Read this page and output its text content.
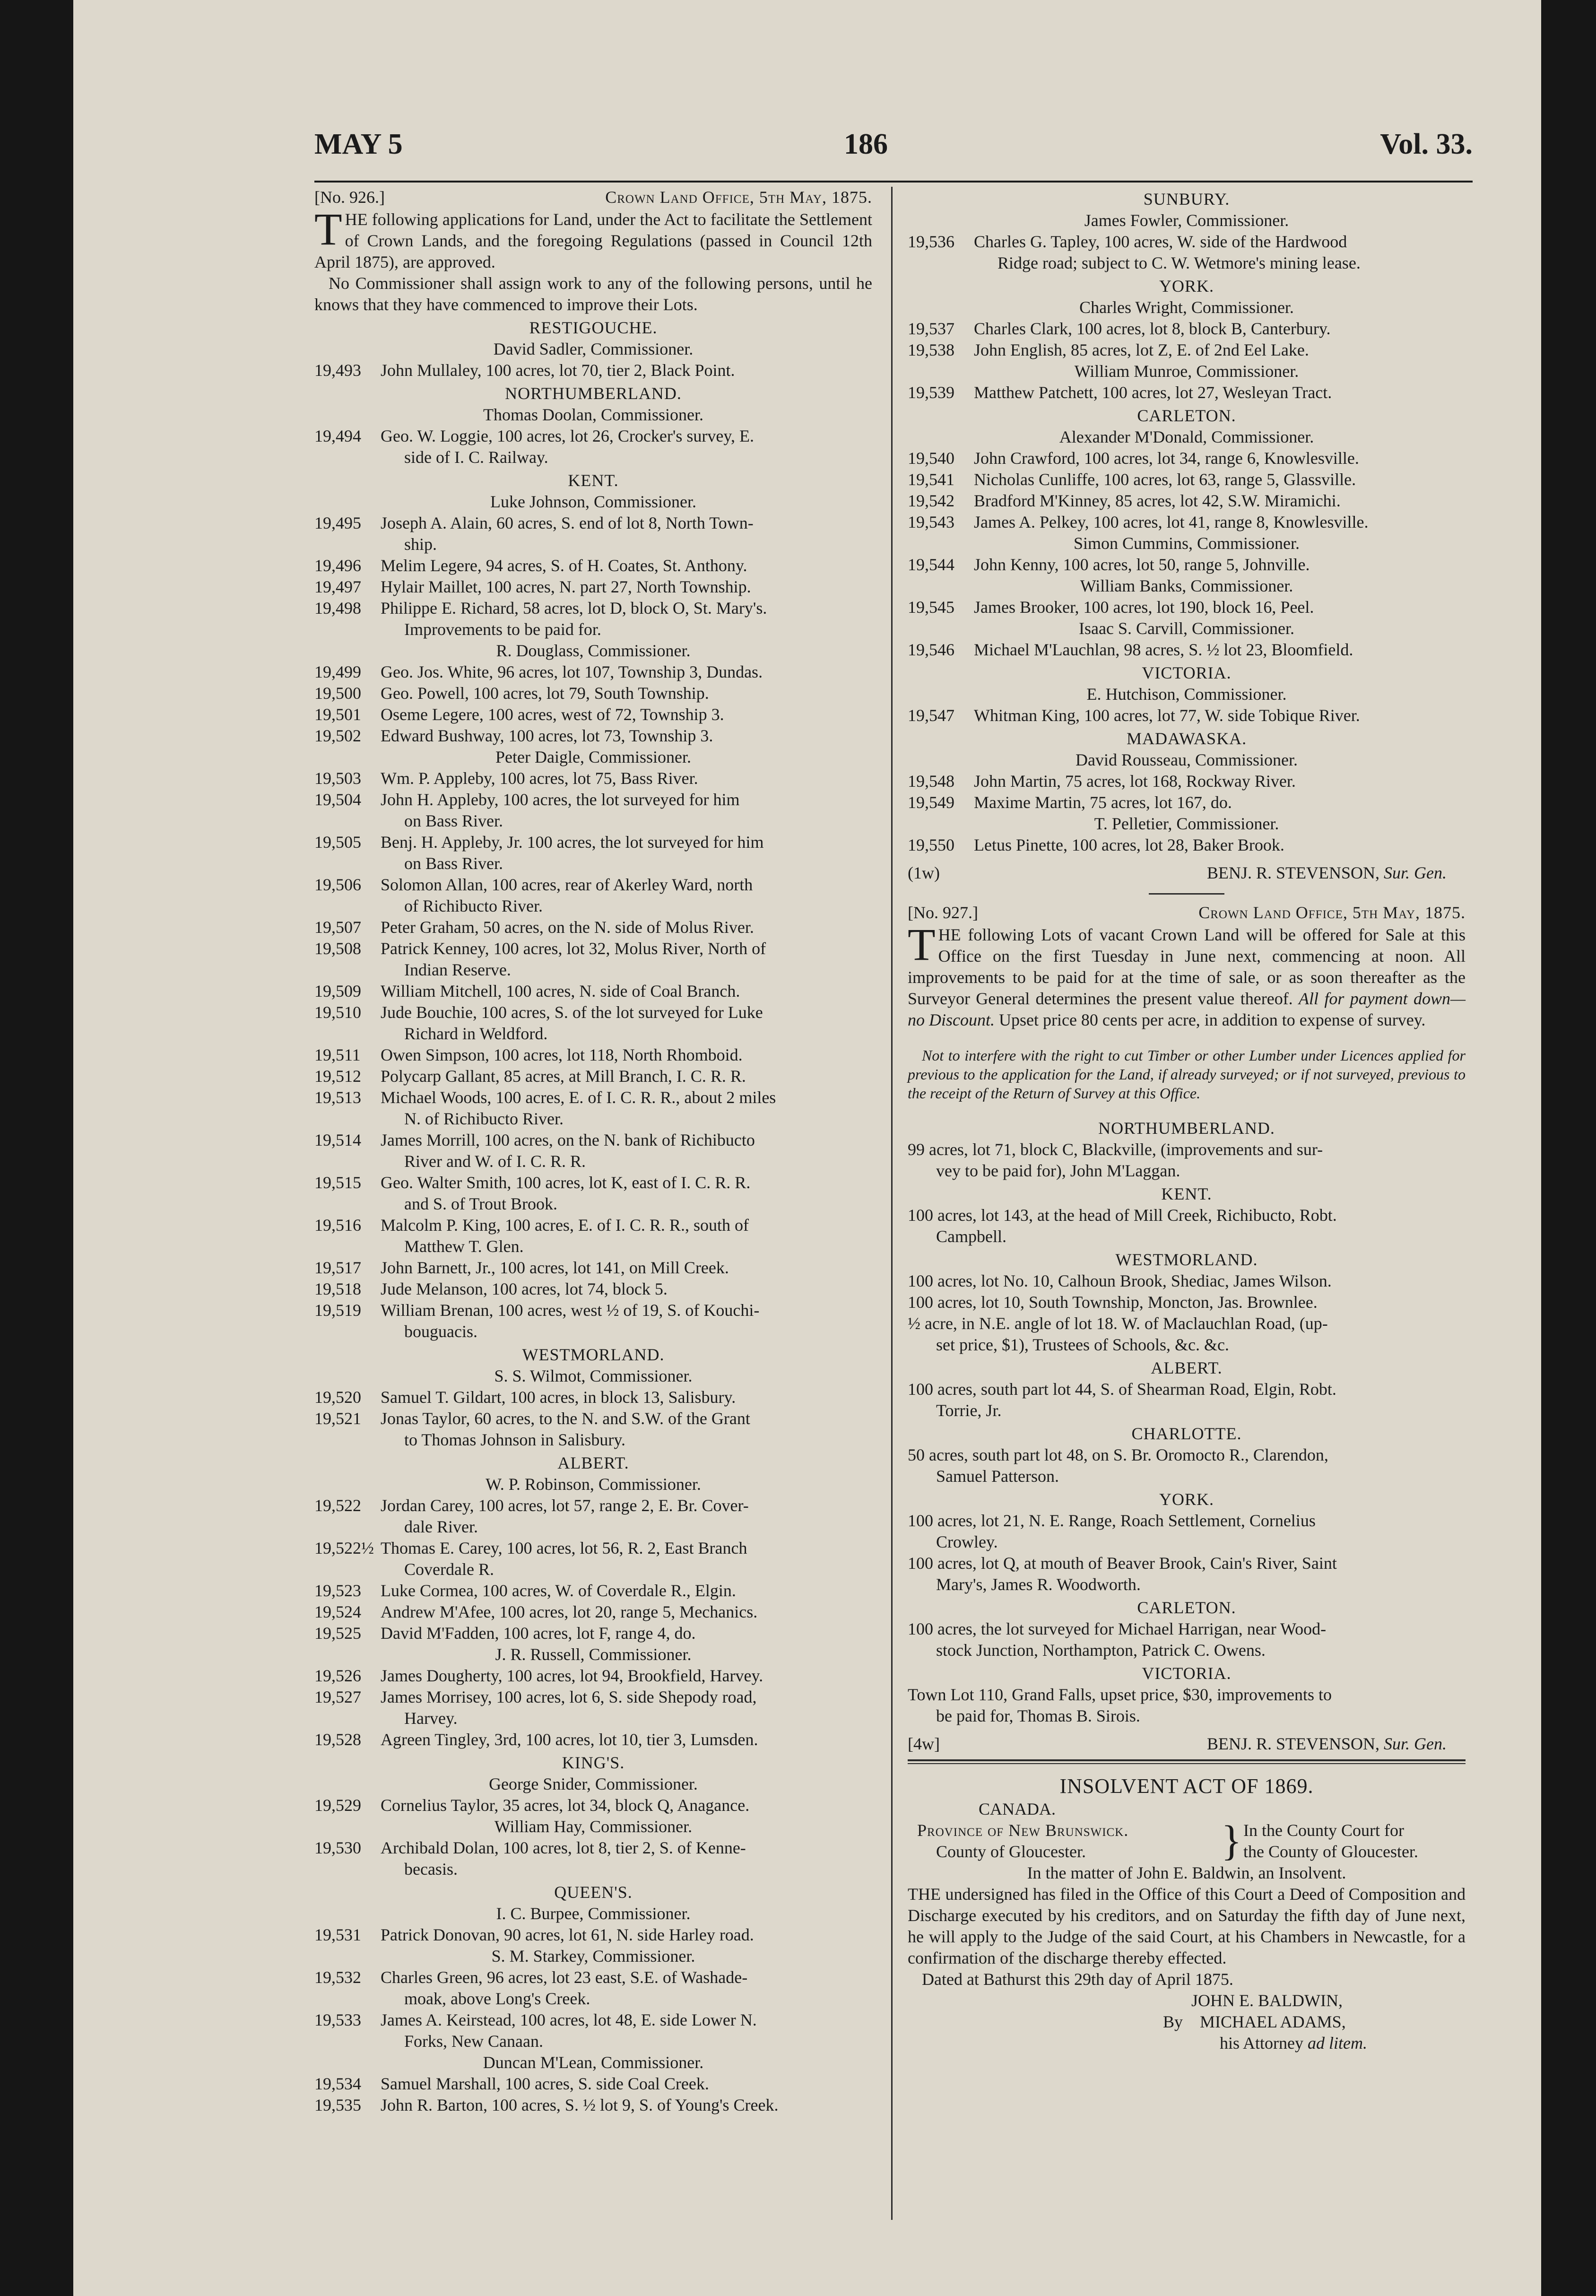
MAY 5	186	Vol. 33.
[No. 926.]	Crown Land Office, 5th May, 1875.

THE following applications for Land, under the Act to facilitate the Settlement of Crown Lands, and the foregoing Regulations (passed in Council 12th April 1875), are approved.

No Commissioner shall assign work to any of the following persons, until he knows that they have commenced to improve their Lots.

RESTIGOUCHE.
David Sadler, Commissioner.
19,493	John Mullaley, 100 acres, lot 70, tier 2, Black Point.
NORTHUMBERLAND.
Thomas Doolan, Commissioner.
19,494	Geo. W. Loggie, 100 acres, lot 26, Crocker's survey, E.
side of I. C. Railway.
KENT.
Luke Johnson, Commissioner.
19,495	Joseph A. Alain, 60 acres, S. end of lot 8, North Town-
ship.
19,496	Melim Legere, 94 acres, S. of H. Coates, St. Anthony.
19,497	Hylair Maillet, 100 acres, N. part 27, North Township.
19,498	Philippe E. Richard, 58 acres, lot D, block O, St. Mary's.
Improvements to be paid for.
R. Douglass, Commissioner.
19,499	Geo. Jos. White, 96 acres, lot 107, Township 3, Dundas.
19,500	Geo. Powell, 100 acres, lot 79, South Township.
19,501	Oseme Legere, 100 acres, west of 72, Township 3.
19,502	Edward Bushway, 100 acres, lot 73, Township 3.
Peter Daigle, Commissioner.
19,503	Wm. P. Appleby, 100 acres, lot 75, Bass River.
19,504	John H. Appleby, 100 acres, the lot surveyed for him
on Bass River.
19,505	Benj. H. Appleby, Jr. 100 acres, the lot surveyed for him
on Bass River.
19,506	Solomon Allan, 100 acres, rear of Akerley Ward, north
of Richibucto River.
19,507	Peter Graham, 50 acres, on the N. side of Molus River.
19,508	Patrick Kenney, 100 acres, lot 32, Molus River, North of
Indian Reserve.
19,509	William Mitchell, 100 acres, N. side of Coal Branch.
19,510	Jude Bouchie, 100 acres, S. of the lot surveyed for Luke
Richard in Weldford.
19,511	Owen Simpson, 100 acres, lot 118, North Rhomboid.
19,512	Polycarp Gallant, 85 acres, at Mill Branch, I. C. R. R.
19,513	Michael Woods, 100 acres, E. of I. C. R. R., about 2 miles
N. of Richibucto River.
19,514	James Morrill, 100 acres, on the N. bank of Richibucto
River and W. of I. C. R. R.
19,515	Geo. Walter Smith, 100 acres, lot K, east of I. C. R. R.
and S. of Trout Brook.
19,516	Malcolm P. King, 100 acres, E. of I. C. R. R., south of
Matthew T. Glen.
19,517	John Barnett, Jr., 100 acres, lot 141, on Mill Creek.
19,518	Jude Melanson, 100 acres, lot 74, block 5.
19,519	William Brenan, 100 acres, west ½ of 19, S. of Kouchi-
bouguacis.
WESTMORLAND.
S. S. Wilmot, Commissioner.
19,520	Samuel T. Gildart, 100 acres, in block 13, Salisbury.
19,521	Jonas Taylor, 60 acres, to the N. and S.W. of the Grant
to Thomas Johnson in Salisbury.
ALBERT.
W. P. Robinson, Commissioner.
19,522	Jordan Carey, 100 acres, lot 57, range 2, E. Br. Cover-
dale River.
19,522½ Thomas E. Carey, 100 acres, lot 56, R. 2, East Branch
Coverdale R.
19,523	Luke Cormea, 100 acres, W. of Coverdale R., Elgin.
19,524	Andrew M'Afee, 100 acres, lot 20, range 5, Mechanics.
19,525	David M'Fadden, 100 acres, lot F, range 4, do.
J. R. Russell, Commissioner.
19,526	James Dougherty, 100 acres, lot 94, Brookfield, Harvey.
19,527	James Morrisey, 100 acres, lot 6, S. side Shepody road,
Harvey.
19,528	Agreen Tingley, 3rd, 100 acres, lot 10, tier 3, Lumsden.
KING'S.
George Snider, Commissioner.
19,529	Cornelius Taylor, 35 acres, lot 34, block Q, Anagance.
William Hay, Commissioner.
19,530	Archibald Dolan, 100 acres, lot 8, tier 2, S. of Kenne-
becasis.
QUEEN'S.
I. C. Burpee, Commissioner.
19,531	Patrick Donovan, 90 acres, lot 61, N. side Harley road.
S. M. Starkey, Commissioner.
19,532	Charles Green, 96 acres, lot 23 east, S.E. of Washade-
moak, above Long's Creek.
19,533	James A. Keirstead, 100 acres, lot 48, E. side Lower N.
Forks, New Canaan.
Duncan M'Lean, Commissioner.
19,534	Samuel Marshall, 100 acres, S. side Coal Creek.
19,535	John R. Barton, 100 acres, S. ½ lot 9, S. of Young's Creek.
SUNBURY.
James Fowler, Commissioner.
19,536	Charles G. Tapley, 100 acres, W. side of the Hardwood
Ridge road; subject to C. W. Wetmore's mining lease.
YORK.
Charles Wright, Commissioner.
19,537	Charles Clark, 100 acres, lot 8, block B, Canterbury.
19,538	John English, 85 acres, lot Z, E. of 2nd Eel Lake.
William Munroe, Commissioner.
19,539	Matthew Patchett, 100 acres, lot 27, Wesleyan Tract.
CARLETON.
Alexander M'Donald, Commissioner.
19,540	John Crawford, 100 acres, lot 34, range 6, Knowlesville.
19,541	Nicholas Cunliffe, 100 acres, lot 63, range 5, Glassville.
19,542	Bradford M'Kinney, 85 acres, lot 42, S.W. Miramichi.
19,543	James A. Pelkey, 100 acres, lot 41, range 8, Knowlesville.
Simon Cummins, Commissioner.
19,544	John Kenny, 100 acres, lot 50, range 5, Johnville.
William Banks, Commissioner.
19,545	James Brooker, 100 acres, lot 190, block 16, Peel.
Isaac S. Carvill, Commissioner.
19,546	Michael M'Lauchlan, 98 acres, S. ½ lot 23, Bloomfield.
VICTORIA.
E. Hutchison, Commissioner.
19,547	Whitman King, 100 acres, lot 77, W. side Tobique River.
MADAWASKA.
David Rousseau, Commissioner.
19,548	John Martin, 75 acres, lot 168, Rockway River.
19,549	Maxime Martin, 75 acres, lot 167, do.
T. Pelletier, Commissioner.
19,550	Letus Pinette, 100 acres, lot 28, Baker Brook.
(1w)	BENJ. R. STEVENSON, Sur. Gen.
[No. 927.]	Crown Land Office, 5th May, 1875.

THE following Lots of vacant Crown Land will be offered for Sale at this Office on the first Tuesday in June next, commencing at noon. All improvements to be paid for at the time of sale, or as soon thereafter as the Surveyor General determines the present value thereof. All for payment down—no Discount. Upset price 80 cents per acre, in addition to expense of survey.

Not to interfere with the right to cut Timber or other Lumber under Licences applied for previous to the application for the Land, if already surveyed; or if not surveyed, previous to the receipt of the Return of Survey at this Office.

NORTHUMBERLAND.
99 acres, lot 71, block C, Blackville, (improvements and sur-
vey to be paid for), John M'Laggan.
KENT.
100 acres, lot 143, at the head of Mill Creek, Richibucto, Robt.
Campbell.
WESTMORLAND.
100 acres, lot No. 10, Calhoun Brook, Shediac, James Wilson.
100 acres, lot 10, South Township, Moncton, Jas. Brownlee.
½ acre, in N.E. angle of lot 18. W. of Maclauchlan Road, (up-
set price, $1), Trustees of Schools, &c. &c.
ALBERT.
100 acres, south part lot 44, S. of Shearman Road, Elgin, Robt.
Torrie, Jr.
CHARLOTTE.
50 acres, south part lot 48, on S. Br. Oromocto R., Clarendon,
Samuel Patterson.
YORK.
100 acres, lot 21, N. E. Range, Roach Settlement, Cornelius
Crowley.
100 acres, lot Q, at mouth of Beaver Brook, Cain's River, Saint
Mary's, James R. Woodworth.
CARLETON.
100 acres, the lot surveyed for Michael Harrigan, near Wood-
stock Junction, Northampton, Patrick C. Owens.
VICTORIA.
Town Lot 110, Grand Falls, upset price, $30, improvements to
be paid for, Thomas B. Sirois.
[4w]	BENJ. R. STEVENSON, Sur. Gen.
INSOLVENT ACT OF 1869.
CANADA.
Province of New Brunswick.
County of Gloucester.	} In the County Court for
the County of Gloucester.
In the matter of John E. Baldwin, an Insolvent.

THE undersigned has filed in the Office of this Court a Deed of Composition and Discharge executed by his creditors, and on Saturday the fifth day of June next, he will apply to the Judge of the said Court, at his Chambers in Newcastle, for a confirmation of the discharge thereby effected.

Dated at Bathurst this 29th day of April 1875.
JOHN E. BALDWIN,
By MICHAEL ADAMS,
his Attorney ad litem.
